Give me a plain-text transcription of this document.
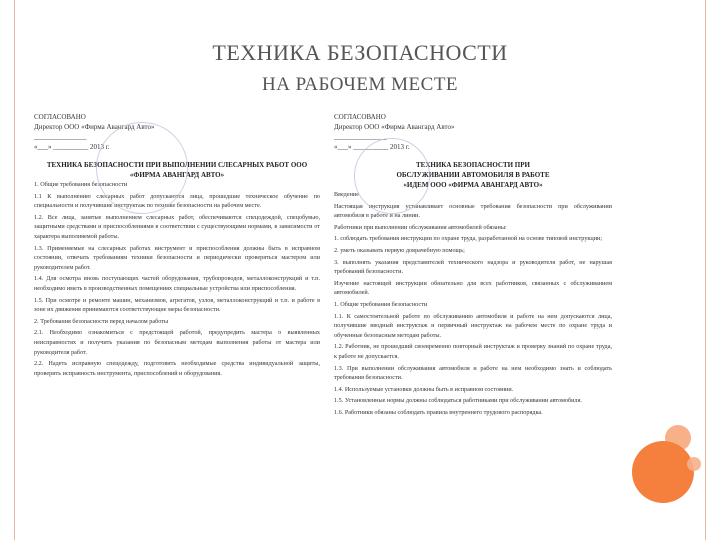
ТЕХНИКА БЕЗОПАСНОСТИ
НА РАБОЧЕМ МЕСТЕ
СОГЛАСОВАНО
Директор ООО «Фирма Авангард Авто»
_______________
«___» __________ 2013 г.
ТЕХНИКА БЕЗОПАСНОСТИ ПРИ ВЫПОЛНЕНИИ СЛЕСАРНЫХ РАБОТ ООО
«ФИРМА АВАНГАРД АВТО»

1. Общие требования безопасности

1.1 К выполнению слесарных работ допускаются лица, прошедшие техническое обучение по специальности и получившие инструктаж по технике безопасности на рабочем месте.

1.2. Все лица, занятые выполнением слесарных работ, обеспечиваются спецодеждой, спецобувью, защитными средствами и приспособлениями в соответствии с существующими нормами, в зависимости от характера выполняемой работы.

1.3. Применяемые на слесарных работах инструмент и приспособления должны быть в исправном состоянии, отвечать требованиям техники безопасности и периодически проверяться мастером или руководителем работ.

1.4. Для осмотра вновь поступающих частей оборудования, трубопроводов, металлоконструкций и т.п. необходимо иметь в производственных помещениях специальные устройства или приспособления.

1.5. При осмотре и ремонте машин, механизмов, агрегатов, узлов, металлоконструкций и т.п. и работе в зоне их движения принимаются соответствующие меры безопасности.

2. Требования безопасности перед началом работы

2.1. Необходимо ознакомиться с предстоящей работой, предупредить мастера о выявленных неисправностях и получить указания по безопасным методам выполнения работы от мастера или руководителя работ.

2.2. Надеть исправную спецодежду, подготовить необходимые средства индивидуальной защиты, проверить исправность инструмента, приспособлений и оборудования.

СОГЛАСОВАНО
Директор ООО «Фирма Авангард Авто»
_______________
«___» __________ 2013 г.
ТЕХНИКА БЕЗОПАСНОСТИ ПРИ
ОБСЛУЖИВАНИИ АВТОМОБИЛЯ В РАБОТЕ
«ИДЕМ ООО «ФИРМА АВАНГАРД АВТО»

Введение

Настоящая инструкция устанавливает основные требования безопасности при обслуживании автомобиля в работе и на линии.

Работники при выполнении обслуживания автомобилей обязаны:

1. соблюдать требования инструкции по охране труда, разработанной на основе типовой инструкции;

2. уметь оказывать первую доврачебную помощь;

3. выполнять указания представителей технического надзора и руководителя работ, не нарушая требований безопасности.

Изучение настоящей инструкции обязательно для всех работников, связанных с обслуживанием автомобилей.

1. Общие требования безопасности

1.1. К самостоятельной работе по обслуживанию автомобиля и работе на нем допускаются лица, получившие вводный инструктаж и первичный инструктаж на рабочем месте по охране труда и обученные безопасным методам работы.

1.2. Работник, не прошедший своевременно повторный инструктаж и проверку знаний по охране труда, к работе не допускается.

1.3. При выполнении обслуживания автомобиля и работе на нем необходимо знать и соблюдать требования безопасности.

1.4. Используемые установки должны быть в исправном состоянии.

1.5. Установленные нормы должны соблюдаться работниками при обслуживании автомобиля.

1.6. Работники обязаны соблюдать правила внутреннего трудового распорядка.
